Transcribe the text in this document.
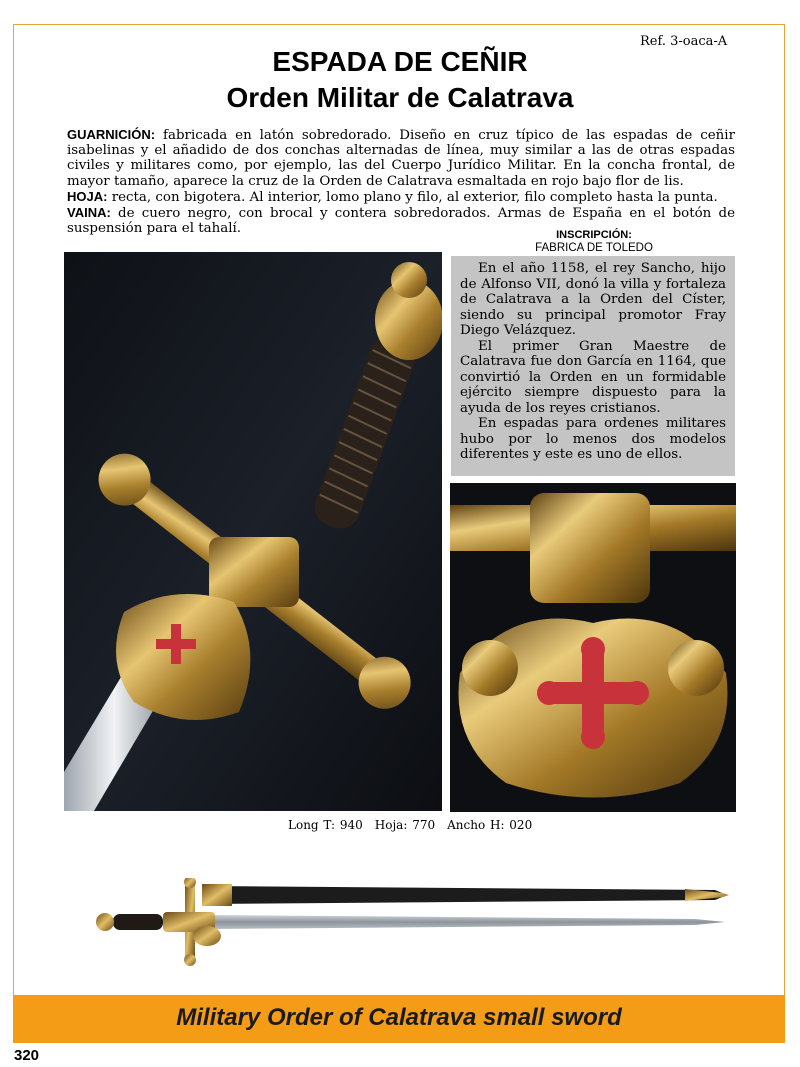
Ref. 3-oaca-A
ESPADA DE CEÑIR
Orden Militar de Calatrava
GUARNICIÓN: fabricada en latón sobredorado. Diseño en cruz típico de las espadas de ceñir isabelinas y el añadido de dos conchas alternadas de línea, muy similar a las de otras espadas civiles y militares como, por ejemplo, las del Cuerpo Jurídico Militar. En la concha frontal, de mayor tamaño, aparece la cruz de la Orden de Calatrava esmaltada en rojo bajo flor de lis.
HOJA: recta, con bigotera. Al interior, lomo plano y filo, al exterior, filo completo hasta la punta.
VAINA: de cuero negro, con brocal y contera sobredorados. Armas de España en el botón de suspensión para el tahalí.	INSCRIPCIÓN:
FABRICA DE TOLEDO

En el año 1158, el rey Sancho, hijo de Alfonso VII, donó la villa y fortaleza de Calatrava a la Orden del Císter, siendo su principal promotor Fray Diego Velázquez.

El primer Gran Maestre de Calatrava fue don García en 1164, que convirtió la Orden en un formidable ejército siempre dispuesto para la ayuda de los reyes cristianos.

En espadas para ordenes militares hubo por lo menos dos modelos diferentes y este es uno de ellos.

Long T: 940 Hoja: 770 Ancho H: 020
Military Order of Calatrava small sword
320
